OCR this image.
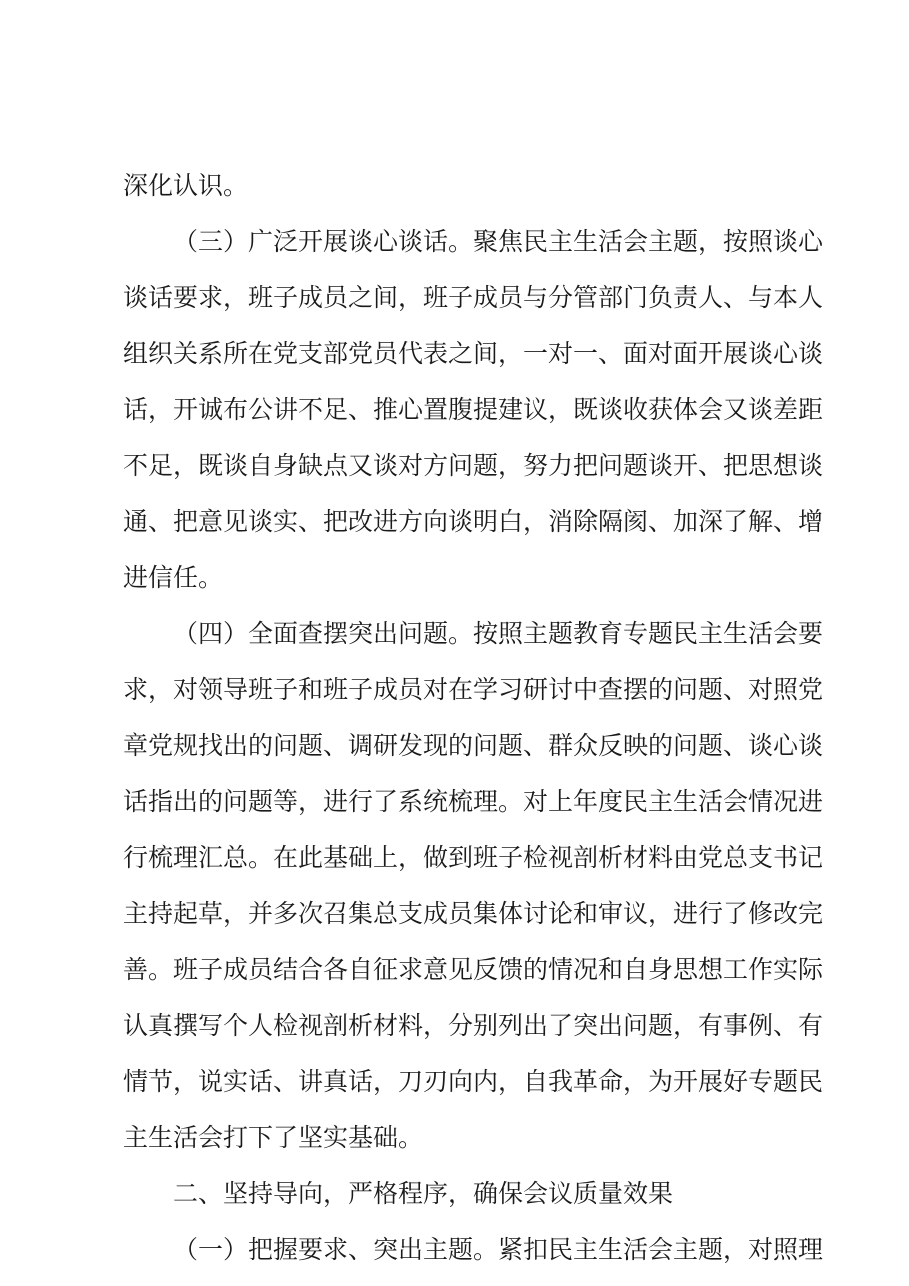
深化认识。
（三）广泛开展谈心谈话。聚焦民主生活会主题，按照谈心
谈话要求，班子成员之间，班子成员与分管部门负责人、与本人
组织关系所在党支部党员代表之间，一对一、面对面开展谈心谈
话，开诚布公讲不足、推心置腹提建议，既谈收获体会又谈差距
不足，既谈自身缺点又谈对方问题，努力把问题谈开、把思想谈
通、把意见谈实、把改进方向谈明白，消除隔阂、加深了解、增
进信任。
（四）全面查摆突出问题。按照主题教育专题民主生活会要
求，对领导班子和班子成员对在学习研讨中查摆的问题、对照党
章党规找出的问题、调研发现的问题、群众反映的问题、谈心谈
话指出的问题等，进行了系统梳理。对上年度民主生活会情况进
行梳理汇总。在此基础上，做到班子检视剖析材料由党总支书记
主持起草，并多次召集总支成员集体讨论和审议，进行了修改完
善。班子成员结合各自征求意见反馈的情况和自身思想工作实际
认真撰写个人检视剖析材料，分别列出了突出问题，有事例、有
情节，说实话、讲真话，刀刃向内，自我革命，为开展好专题民
主生活会打下了坚实基础。
二、坚持导向，严格程序，确保会议质量效果
（一）把握要求、突出主题。紧扣民主生活会主题，对照理
